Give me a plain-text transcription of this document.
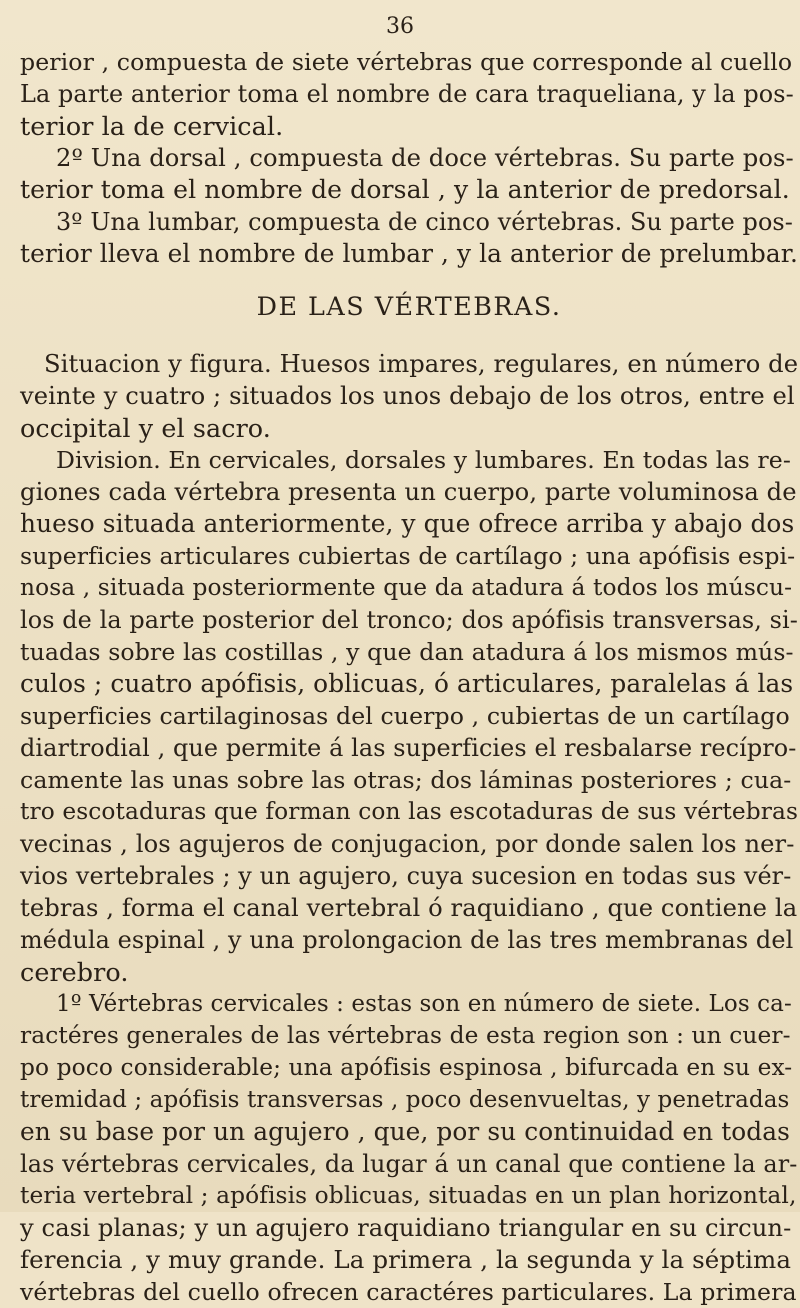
36

perior , compuesta de siete vértebras que corresponde al cuello

La parte anterior toma el nombre de cara traqueliana, y la pos-

terior la de cervical.

2º Una dorsal , compuesta de doce vértebras. Su parte pos-

terior toma el nombre de dorsal , y la anterior de predorsal.

3º Una lumbar, compuesta de cinco vértebras. Su parte pos-

terior lleva el nombre de lumbar , y la anterior de prelumbar.

DE LAS VÉRTEBRAS.

Situacion y figura. Huesos impares, regulares, en número de

veinte y cuatro ; situados los unos debajo de los otros, entre el

occipital y el sacro.

Division. En cervicales, dorsales y lumbares. En todas las re-

giones cada vértebra presenta un cuerpo, parte voluminosa de

hueso situada anteriormente, y que ofrece arriba y abajo dos

superficies articulares cubiertas de cartílago ; una apófisis espi-

nosa , situada posteriormente que da atadura á todos los múscu-

los de la parte posterior del tronco; dos apófisis transversas, si-

tuadas sobre las costillas , y que dan atadura á los mismos mús-

culos ; cuatro apófisis, oblicuas, ó articulares, paralelas á las

superficies cartilaginosas del cuerpo , cubiertas de un cartílago

diartrodial , que permite á las superficies el resbalarse recípro-

camente las unas sobre las otras; dos láminas posteriores ; cua-

tro escotaduras que forman con las escotaduras de sus vértebras

vecinas , los agujeros de conjugacion, por donde salen los ner-

vios vertebrales ; y un agujero, cuya sucesion en todas sus vér-

tebras , forma el canal vertebral ó raquidiano , que contiene la

médula espinal , y una prolongacion de las tres membranas del

cerebro.

1º Vértebras cervicales : estas son en número de siete. Los ca-

ractéres generales de las vértebras de esta region son : un cuer-

po poco considerable; una apófisis espinosa , bifurcada en su ex-

tremidad ; apófisis transversas , poco desenvueltas, y penetradas

en su base por un agujero , que, por su continuidad en todas

las vértebras cervicales, da lugar á un canal que contiene la ar-

teria vertebral ; apófisis oblicuas, situadas en un plan horizontal,

y casi planas; y un agujero raquidiano triangular en su circun-

ferencia , y muy grande. La primera , la segunda y la séptima

vértebras del cuello ofrecen caractéres particulares. La primera
